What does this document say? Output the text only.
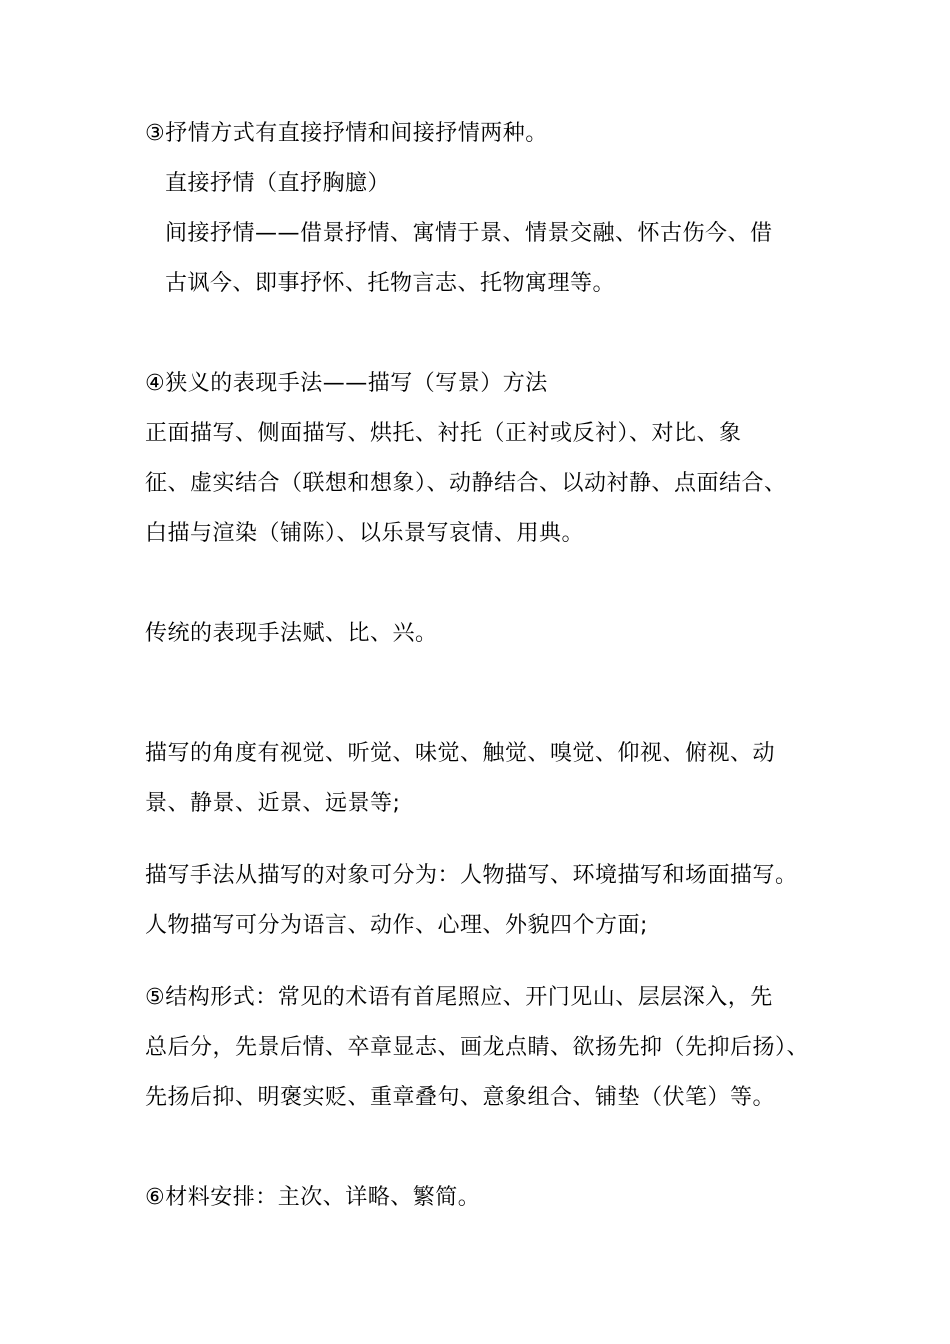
③抒情方式有直接抒情和间接抒情两种。
直接抒情（直抒胸臆）
间接抒情——借景抒情、寓情于景、情景交融、怀古伤今、借
古讽今、即事抒怀、托物言志、托物寓理等。
④狭义的表现手法——描写（写景）方法
正面描写、侧面描写、烘托、衬托（正衬或反衬）、对比、象
征、虚实结合（联想和想象）、动静结合、以动衬静、点面结合、
白描与渲染（铺陈）、以乐景写哀情、用典。
传统的表现手法赋、比、兴。
描写的角度有视觉、听觉、味觉、触觉、嗅觉、仰视、俯视、动
景、静景、近景、远景等;
描写手法从描写的对象可分为：人物描写、环境描写和场面描写。
人物描写可分为语言、动作、心理、外貌四个方面;
⑤结构形式：常见的术语有首尾照应、开门见山、层层深入，先
总后分，先景后情、卒章显志、画龙点睛、欲扬先抑（先抑后扬）、
先扬后抑、明褒实贬、重章叠句、意象组合、铺垫（伏笔）等。
⑥材料安排：主次、详略、繁简。
